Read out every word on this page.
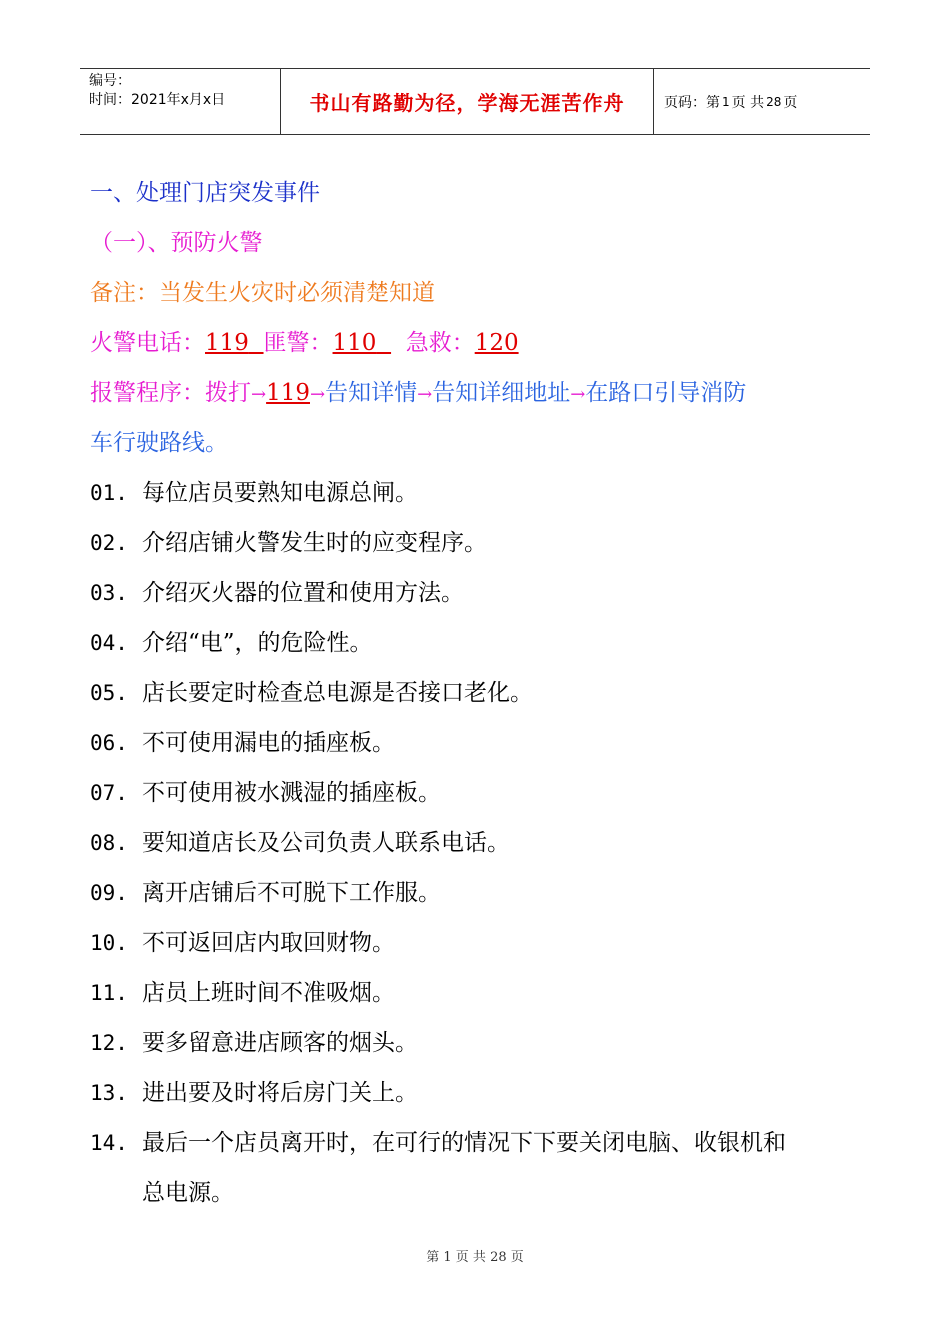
编号：
时间：2021年x月x日	书山有路勤为径，学海无涯苦作舟	页码：第 1 页 共 28 页
一、处理门店突发事件
（一）、预防火警
备注：当发生火灾时必须清楚知道
火警电话：119 匪警：110 急救：120
报警程序：拨打→119→告知详情→告知详细地址→在路口引导消防
车行驶路线。
01. 每位店员要熟知电源总闸。
02. 介绍店铺火警发生时的应变程序。
03. 介绍灭火器的位置和使用方法。
04. 介绍“电”，的危险性。
05. 店长要定时检查总电源是否接口老化。
06. 不可使用漏电的插座板。
07. 不可使用被水溅湿的插座板。
08. 要知道店长及公司负责人联系电话。
09. 离开店铺后不可脱下工作服。
10. 不可返回店内取回财物。
11. 店员上班时间不准吸烟。
12. 要多留意进店顾客的烟头。
13. 进出要及时将后房门关上。
14. 最后一个店员离开时，在可行的情况下下要关闭电脑、收银机和
总电源。
第 1 页 共 28 页
